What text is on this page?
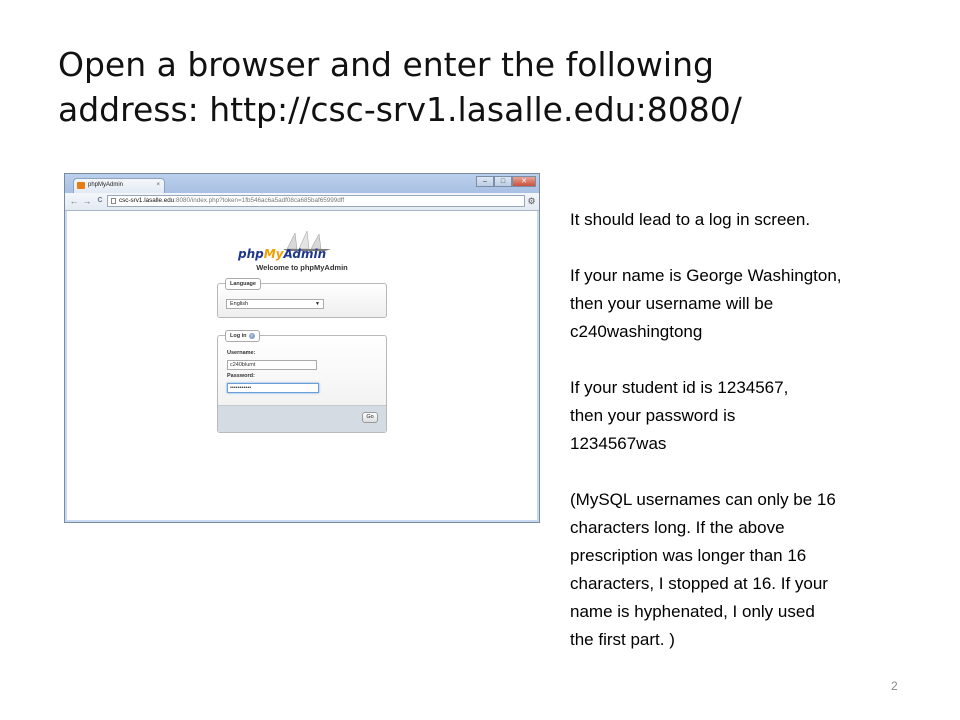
Open a browser and enter the following
address: http://csc-srv1.lasalle.edu:8080/
phpMyAdmin	×	–	□	✕
← → C	csc-srv1.lasalle.edu:8080/index.php?token=1fb546ac6a5adf08ca685baf65999dff	⚙
phpMyAdmin
Welcome to phpMyAdmin
Language
English	▼
Log in ?
Username:
c240blumt
Password:
•••••••••••
Go

It should lead to a log in screen.

If your name is George Washington,
then your username will be
c240washingtong

If your student id is 1234567,
then your password is
1234567was

(MySQL usernames can only be 16
characters long. If the above
prescription was longer than 16
characters, I stopped at 16. If your
name is hyphenated, I only used
the first part. )

2
